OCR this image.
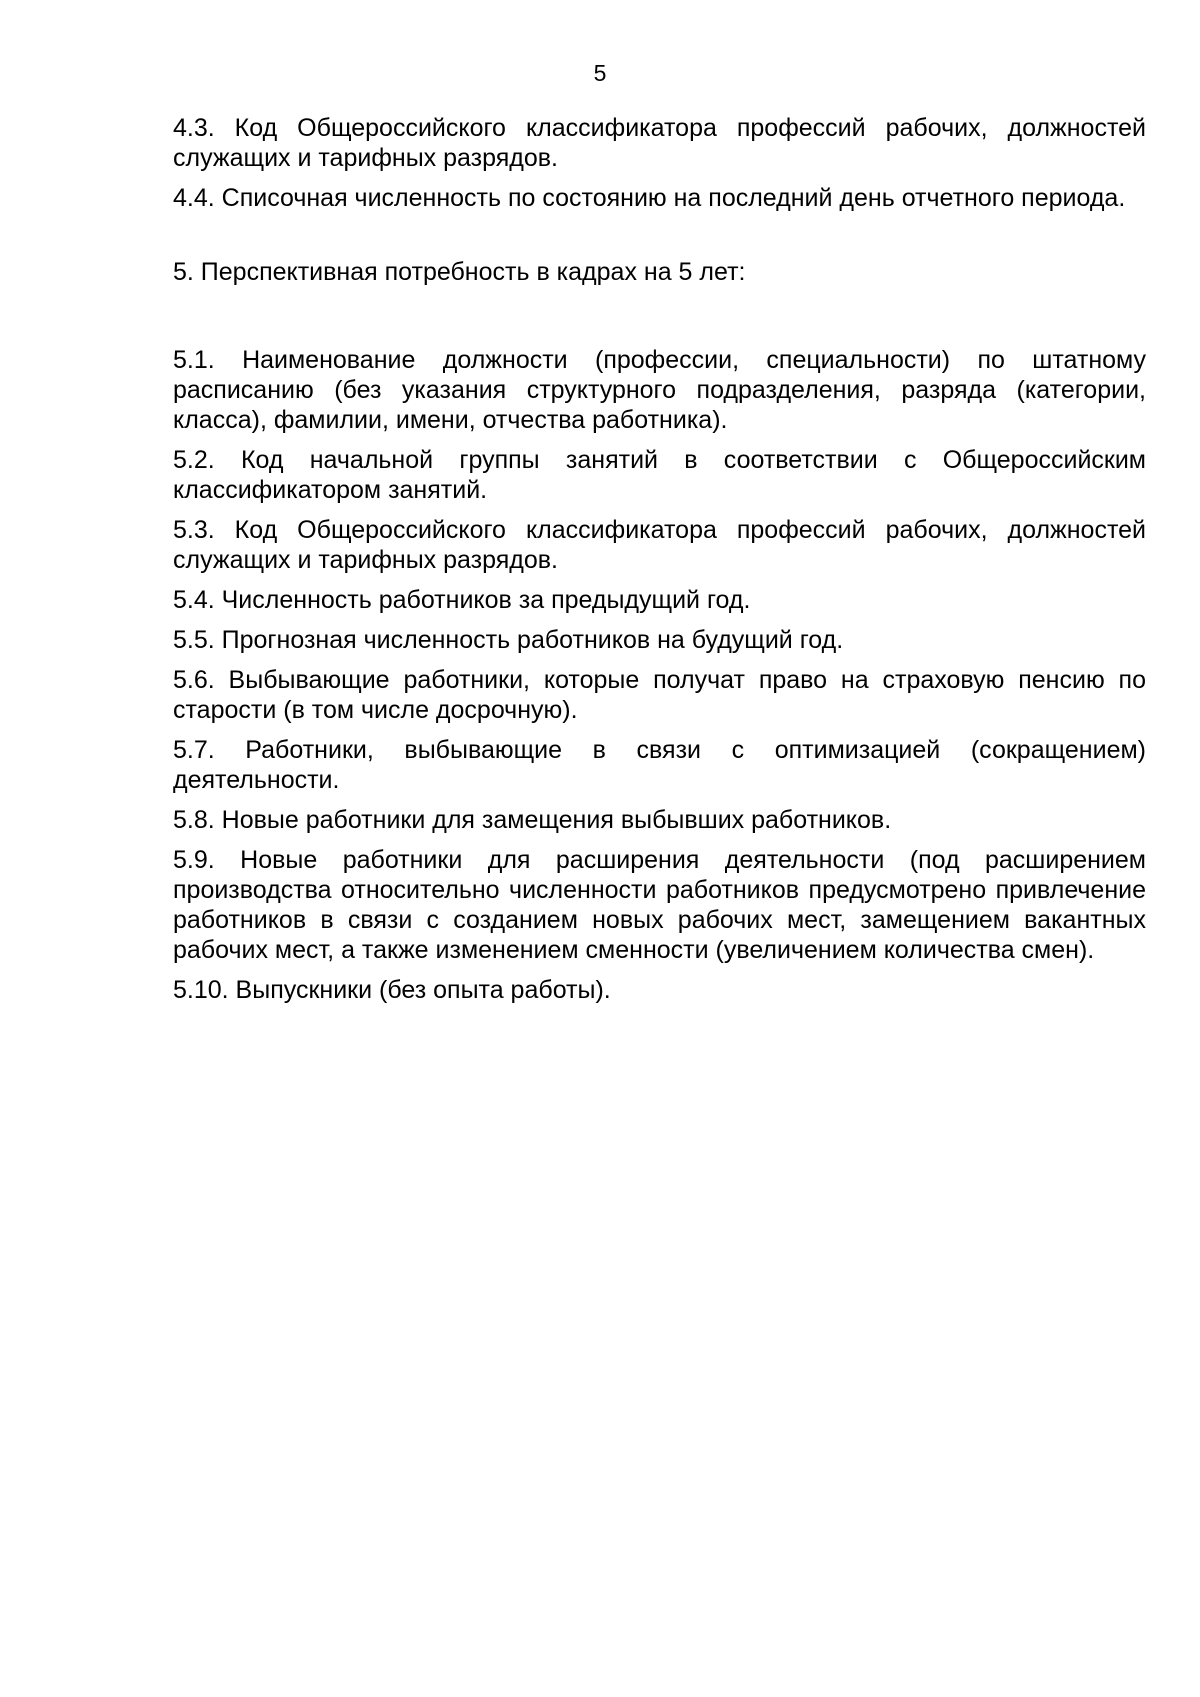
5

4.3. Код Общероссийского классификатора профессий рабочих, должностей служащих и тарифных разрядов.

4.4. Списочная численность по состоянию на последний день отчетного периода.

5. Перспективная потребность в кадрах на 5 лет:

5.1. Наименование должности (профессии, специальности) по штатному расписанию (без указания структурного подразделения, разряда (категории, класса), фамилии, имени, отчества работника).

5.2. Код начальной группы занятий в соответствии с Общероссийским классификатором занятий.

5.3. Код Общероссийского классификатора профессий рабочих, должностей служащих и тарифных разрядов.

5.4. Численность работников за предыдущий год.

5.5. Прогнозная численность работников на будущий год.

5.6. Выбывающие работники, которые получат право на страховую пенсию по старости (в том числе досрочную).

5.7. Работники, выбывающие в связи с оптимизацией (сокращением) деятельности.

5.8. Новые работники для замещения выбывших работников.

5.9. Новые работники для расширения деятельности (под расширением производства относительно численности работников предусмотрено привлечение работников в связи с созданием новых рабочих мест, замещением вакантных рабочих мест, а также изменением сменности (увеличением количества смен).

5.10. Выпускники (без опыта работы).
